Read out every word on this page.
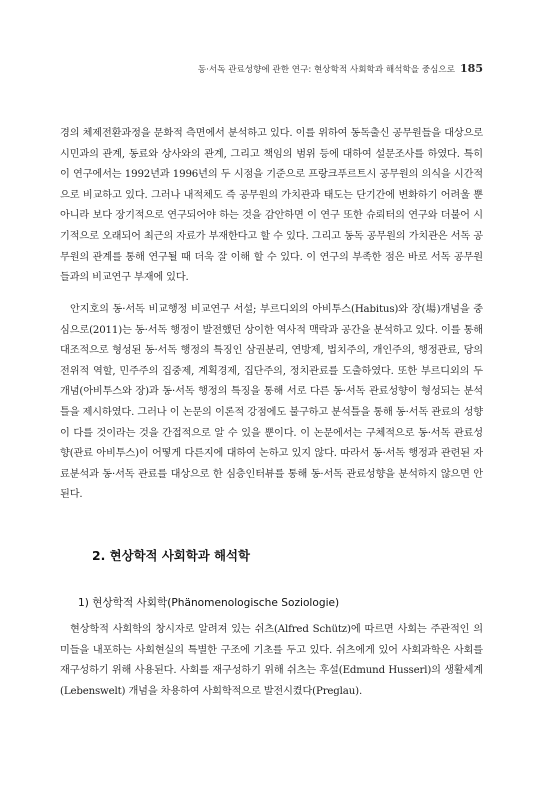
동·서독 관료성향에 관한 연구: 현상학적 사회학과 해석학을 중심으로 185

경의 체제전환과정을 문화적 측면에서 분석하고 있다. 이를 위하여 동독출신 공무원들을 대상으로 시민과의 관계, 동료와 상사와의 관계, 그리고 책임의 범위 등에 대하여 설문조사를 하였다. 특히 이 연구에서는 1992년과 1996년의 두 시점을 기준으로 프랑크푸르트시 공무원의 의식을 시간적으로 비교하고 있다. 그러나 내적체도 즉 공무원의 가치관과 태도는 단기간에 변화하기 어려울 뿐 아니라 보다 장기적으로 연구되어야 하는 것을 감안하면 이 연구 또한 슈뢰터의 연구와 더불어 시기적으로 오래되어 최근의 자료가 부재한다고 할 수 있다. 그리고 동독 공무원의 가치관은 서독 공무원의 관계를 통해 연구될 때 더욱 잘 이해 할 수 있다. 이 연구의 부족한 점은 바로 서독 공무원들과의 비교연구 부재에 있다.

안지호의 동·서독 비교행정 비교연구 서설; 부르디외의 아비투스(Habitus)와 장(場)개념을 중심으로(2011)는 동·서독 행정이 발전했던 상이한 역사적 맥락과 공간을 분석하고 있다. 이를 통해 대조적으로 형성된 동·서독 행정의 특징인 삼권분리, 연방제, 법치주의, 개인주의, 행정관료, 당의 전위적 역할, 민주주의 집중제, 계획경제, 집단주의, 정치관료를 도출하였다. 또한 부르디외의 두 개념(아비투스와 장)과 동·서독 행정의 특징을 통해 서로 다른 동·서독 관료성향이 형성되는 분석틀을 제시하였다. 그러나 이 논문의 이론적 강점에도 불구하고 분석틀을 통해 동·서독 관료의 성향이 다를 것이라는 것을 간접적으로 알 수 있을 뿐이다. 이 논문에서는 구체적으로 동·서독 관료성향(관료 아비투스)이 어떻게 다른지에 대하여 논하고 있지 않다. 따라서 동·서독 행정과 관련된 자료분석과 동·서독 관료를 대상으로 한 심층인터뷰를 통해 동·서독 관료성향을 분석하지 않으면 안 된다.

2. 현상학적 사회학과 해석학
1) 현상학적 사회학(Phänomenologische Soziologie)

현상학적 사회학의 창시자로 알려져 있는 쉬츠(Alfred Schütz)에 따르면 사회는 주관적인 의미들을 내포하는 사회현실의 특별한 구조에 기초를 두고 있다. 쉬츠에게 있어 사회과학은 사회를 재구성하기 위해 사용된다. 사회를 재구성하기 위해 쉬츠는 후설(Edmund Husserl)의 생활세계(Lebenswelt) 개념을 차용하여 사회학적으로 발전시켰다(Preglau).
